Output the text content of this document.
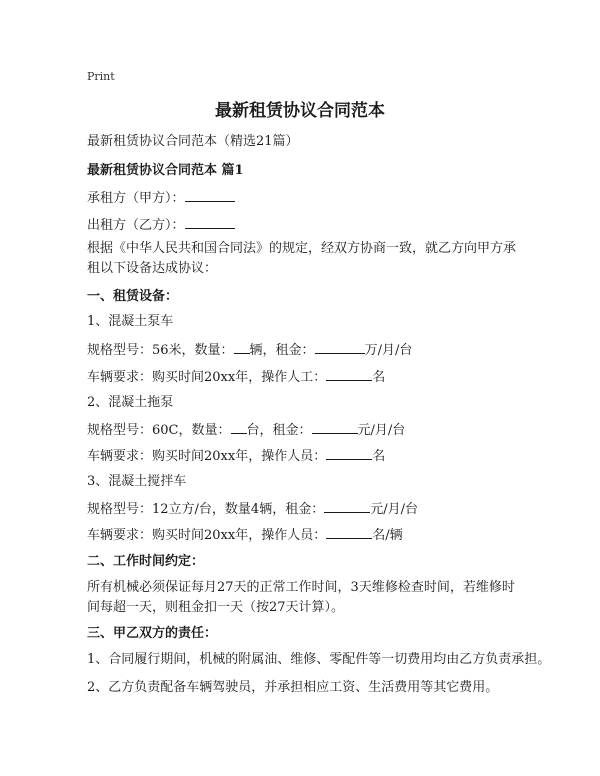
Print
最新租赁协议合同范本

最新租赁协议合同范本（精选21篇）

最新租赁协议合同范本 篇1

承租方（甲方）：

出租方（乙方）：

根据《中华人民共和国合同法》的规定，经双方协商一致，就乙方向甲方承租以下设备达成协议：

一、租赁设备：

1、混凝土泵车

规格型号：56米，数量： 辆，租金：	万/月/台

车辆要求：购买时间20xx年，操作人工：	名

2、混凝土拖泵

规格型号：60C，数量： 台，租金：	元/月/台

车辆要求：购买时间20xx年，操作人员：	名

3、混凝土搅拌车

规格型号：12立方/台，数量4辆，租金：	元/月/台

车辆要求：购买时间20xx年，操作人员：	名/辆

二、工作时间约定：

所有机械必须保证每月27天的正常工作时间，3天维修检查时间，若维修时间每超一天，则租金扣一天（按27天计算）。

三、甲乙双方的责任：

1、合同履行期间，机械的附属油、维修、零配件等一切费用均由乙方负责承担。

2、乙方负责配备车辆驾驶员，并承担相应工资、生活费用等其它费用。
